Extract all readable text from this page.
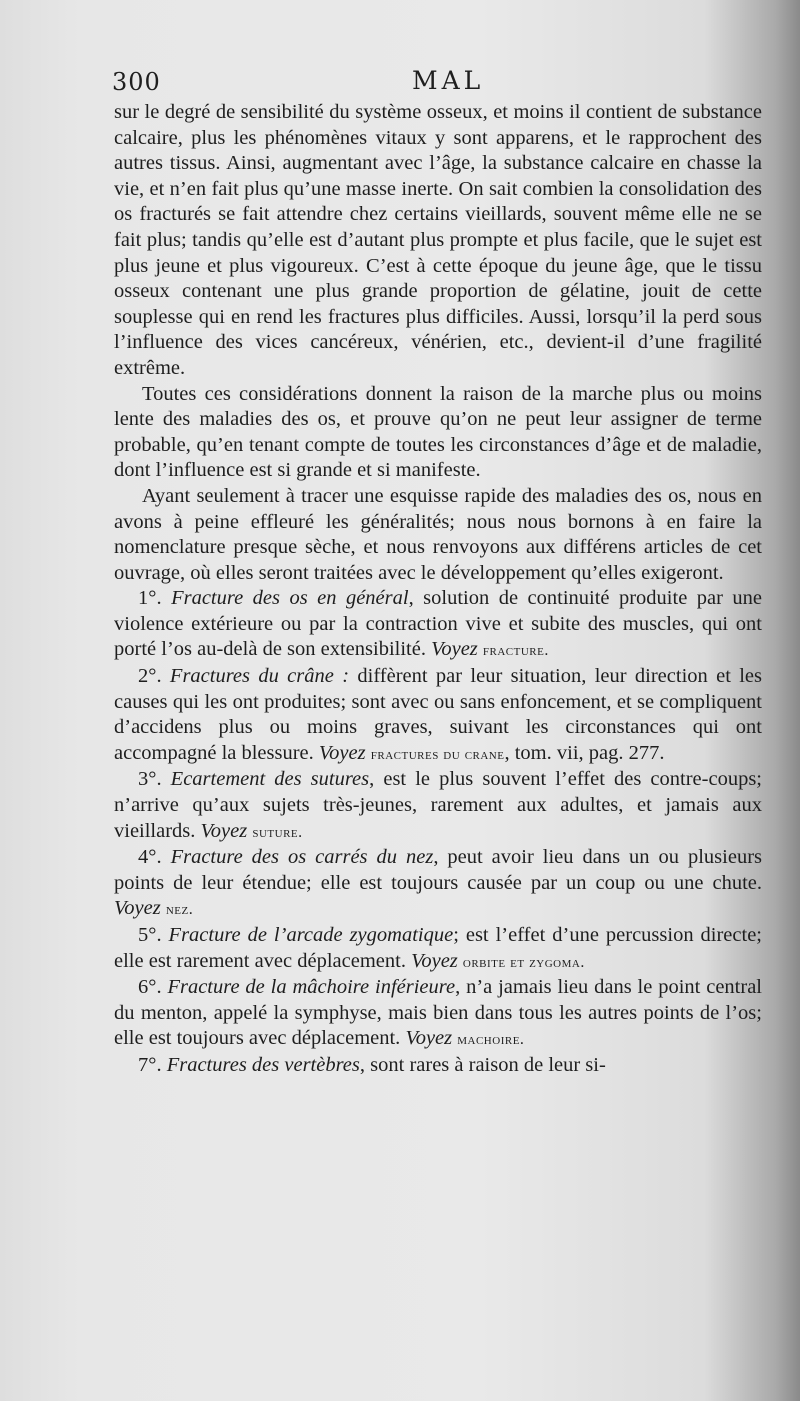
300	MAL

sur le degré de sensibilité du système osseux, et moins il contient de substance calcaire, plus les phénomènes vitaux y sont apparens, et le rapprochent des autres tissus. Ainsi, augmentant avec l’âge, la substance calcaire en chasse la vie, et n’en fait plus qu’une masse inerte. On sait combien la consolidation des os fracturés se fait attendre chez certains vieillards, souvent même elle ne se fait plus; tandis qu’elle est d’autant plus prompte et plus facile, que le sujet est plus jeune et plus vigoureux. C’est à cette époque du jeune âge, que le tissu osseux contenant une plus grande proportion de gélatine, jouit de cette souplesse qui en rend les fractures plus difficiles. Aussi, lorsqu’il la perd sous l’influence des vices cancéreux, vénérien, etc., devient-il d’une fragilité extrême.

Toutes ces considérations donnent la raison de la marche plus ou moins lente des maladies des os, et prouve qu’on ne peut leur assigner de terme probable, qu’en tenant compte de toutes les circonstances d’âge et de maladie, dont l’influence est si grande et si manifeste.

Ayant seulement à tracer une esquisse rapide des maladies des os, nous en avons à peine effleuré les généralités; nous nous bornons à en faire la nomenclature presque sèche, et nous renvoyons aux différens articles de cet ouvrage, où elles seront traitées avec le développement qu’elles exigeront.

1°. Fracture des os en général, solution de continuité produite par une violence extérieure ou par la contraction vive et subite des muscles, qui ont porté l’os au-delà de son extensibilité. Voyez fracture.

2°. Fractures du crâne : diffèrent par leur situation, leur direction et les causes qui les ont produites; sont avec ou sans enfoncement, et se compliquent d’accidens plus ou moins graves, suivant les circonstances qui ont accompagné la blessure. Voyez fractures du crane, tom. vii, pag. 277.

3°. Ecartement des sutures, est le plus souvent l’effet des contre-coups; n’arrive qu’aux sujets très-jeunes, rarement aux adultes, et jamais aux vieillards. Voyez suture.

4°. Fracture des os carrés du nez, peut avoir lieu dans un ou plusieurs points de leur étendue; elle est toujours causée par un coup ou une chute. Voyez nez.

5°. Fracture de l’arcade zygomatique; est l’effet d’une percussion directe; elle est rarement avec déplacement. Voyez orbite et zygoma.

6°. Fracture de la mâchoire inférieure, n’a jamais lieu dans le point central du menton, appelé la symphyse, mais bien dans tous les autres points de l’os; elle est toujours avec déplacement. Voyez machoire.

7°. Fractures des vertèbres, sont rares à raison de leur si-
